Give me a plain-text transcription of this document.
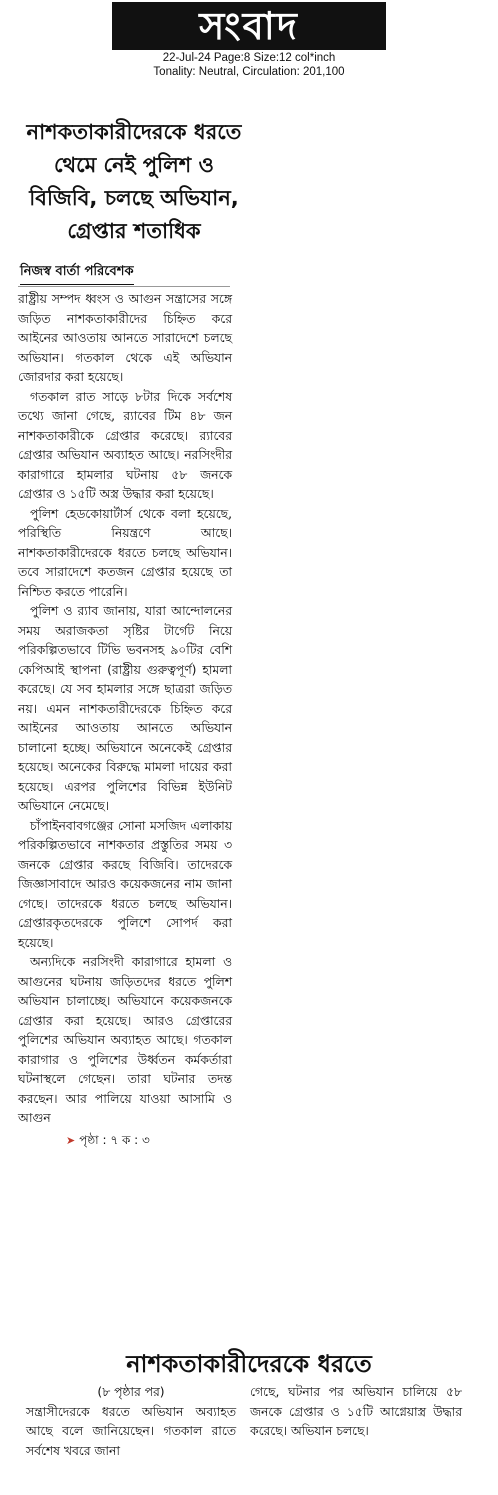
সংবাদ
22-Jul-24 Page:8 Size:12 col*inch
Tonality: Neutral, Circulation: 201,100
নাশকতাকারীদেরকে ধরতে
থেমে নেই পুলিশ ও
বিজিবি, চলছে অভিযান,
গ্রেপ্তার শতাধিক
নিজস্ব বার্তা পরিবেশক

রাষ্ট্রীয় সম্পদ ধ্বংস ও আগুন সন্ত্রাসের সঙ্গে জড়িত নাশকতাকারীদের চিহ্নিত করে আইনের আওতায় আনতে সারাদেশে চলছে অভিযান। গতকাল থেকে এই অভিযান জোরদার করা হয়েছে।

গতকাল রাত সাড়ে ৮টার দিকে সর্বশেষ তথ্যে জানা গেছে, র‍্যাবের টিম ৪৮ জন নাশকতাকারীকে গ্রেপ্তার করেছে। র‍্যাবের গ্রেপ্তার অভিযান অব্যাহত আছে। নরসিংদীর কারাগারে হামলার ঘটনায় ৫৮ জনকে গ্রেপ্তার ও ১৫টি অস্ত্র উদ্ধার করা হয়েছে।

পুলিশ হেডকোয়ার্টার্স থেকে বলা হয়েছে, পরিস্থিতি নিয়ন্ত্রণে আছে। নাশকতাকারীদেরকে ধরতে চলছে অভিযান। তবে সারাদেশে কতজন গ্রেপ্তার হয়েছে তা নিশ্চিত করতে পারেনি।

পুলিশ ও র‍্যাব জানায়, যারা আন্দোলনের সময় অরাজকতা সৃষ্টির টার্গেট নিয়ে পরিকল্পিতভাবে টিভি ভবনসহ ৯০টির বেশি কেপিআই স্থাপনা (রাষ্ট্রীয় গুরুত্বপূর্ণ) হামলা করেছে। যে সব হামলার সঙ্গে ছাত্ররা জড়িত নয়। এমন নাশকতারীদেরকে চিহ্নিত করে আইনের আওতায় আনতে অভিযান চালানো হচ্ছে। অভিযানে অনেকেই গ্রেপ্তার হয়েছে। অনেকের বিরুদ্ধে মামলা দায়ের করা হয়েছে। এরপর পুলিশের বিভিন্ন ইউনিট অভিযানে নেমেছে।

চাঁপাইনবাবগঞ্জের সোনা মসজিদ এলাকায় পরিকল্পিতভাবে নাশকতার প্রস্তুতির সময় ৩ জনকে গ্রেপ্তার করছে বিজিবি। তাদেরকে জিজ্ঞাসাবাদে আরও কয়েকজনের নাম জানা গেছে। তাদেরকে ধরতে চলছে অভিযান। গ্রেপ্তারকৃতদেরকে পুলিশে সোপর্দ করা হয়েছে।

অন্যদিকে নরসিংদী কারাগারে হামলা ও আগুনের ঘটনায় জড়িতদের ধরতে পুলিশ অভিযান চালাচ্ছে। অভিযানে কয়েকজনকে গ্রেপ্তার করা হয়েছে। আরও গ্রেপ্তারের পুলিশের অভিযান অব্যাহত আছে। গতকাল কারাগার ও পুলিশের উর্ধ্বতন কর্মকর্তারা ঘটনাস্থলে গেছেন। তারা ঘটনার তদন্ত করছেন। আর পালিয়ে যাওয়া আসামি ও আগুন

➤ পৃষ্ঠা : ৭ ক : ৩
নাশকতাকারীদেরকে ধরতে

(৮ পৃষ্ঠার পর)

সন্ত্রাসীদেরকে ধরতে অভিযান অব্যাহত আছে বলে জানিয়েছেন। গতকাল রাতে সর্বশেষ খবরে জানা

গেছে, ঘটনার পর অভিযান চালিয়ে ৫৮ জনকে গ্রেপ্তার ও ১৫টি আগ্নেয়াস্ত্র উদ্ধার করেছে। অভিযান চলছে।
